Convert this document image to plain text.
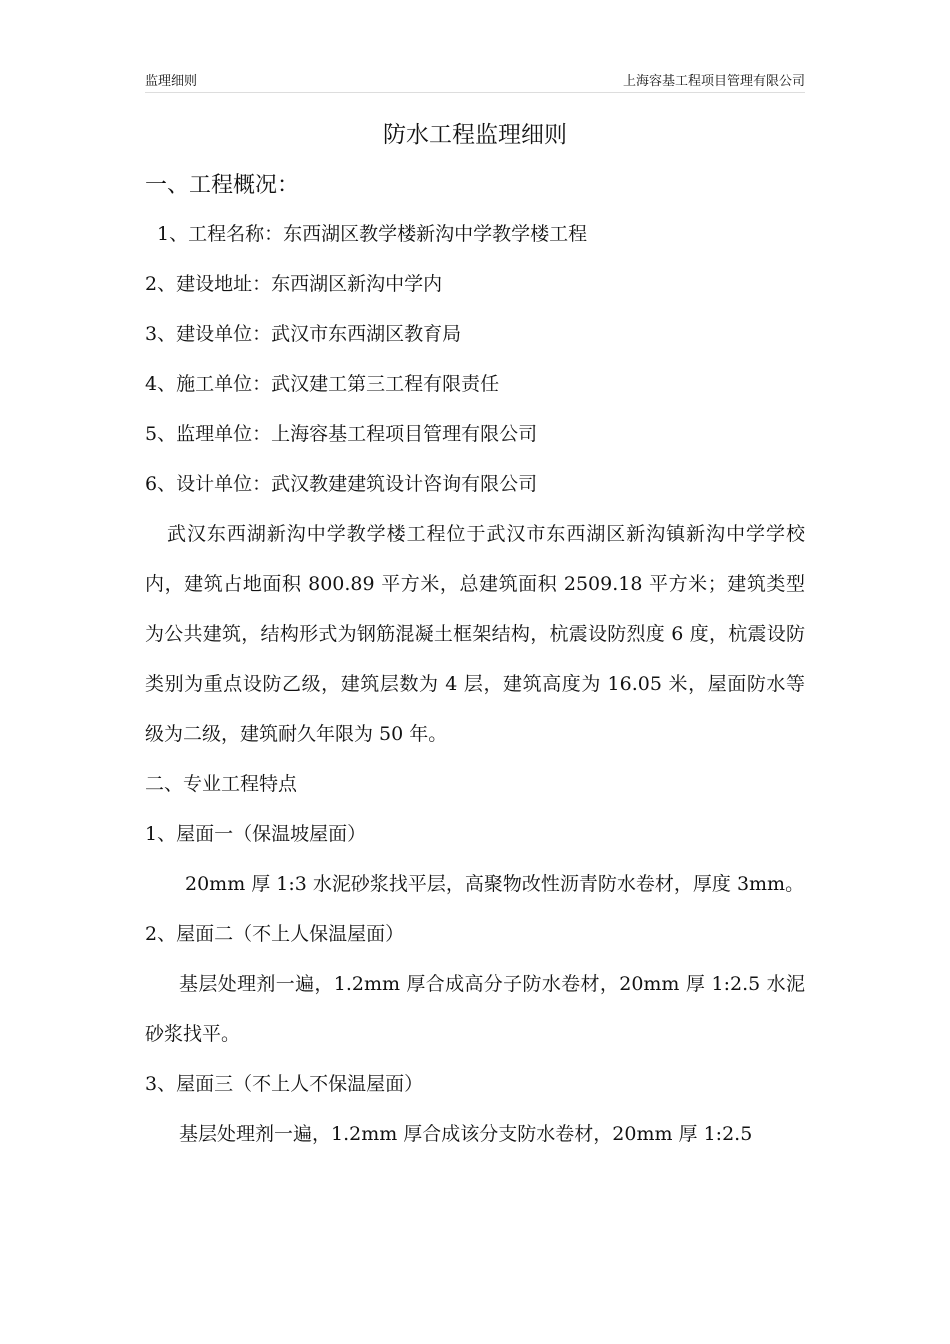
监理细则	上海容基工程项目管理有限公司
防水工程监理细则
一、工程概况：

1、工程名称：东西湖区教学楼新沟中学教学楼工程

2、建设地址：东西湖区新沟中学内

3、建设单位：武汉市东西湖区教育局

4、施工单位：武汉建工第三工程有限责任

5、监理单位：上海容基工程项目管理有限公司

6、设计单位：武汉教建建筑设计咨询有限公司

武汉东西湖新沟中学教学楼工程位于武汉市东西湖区新沟镇新沟中学学校内，建筑占地面积 800.89 平方米，总建筑面积 2509.18 平方米；建筑类型为公共建筑，结构形式为钢筋混凝土框架结构，杭震设防烈度 6 度，杭震设防类别为重点设防乙级，建筑层数为 4 层，建筑高度为 16.05 米，屋面防水等级为二级，建筑耐久年限为 50 年。

二、专业工程特点

1、屋面一（保温坡屋面）

20mm 厚 1:3 水泥砂浆找平层，高聚物改性沥青防水卷材，厚度 3mm。

2、屋面二（不上人保温屋面）

基层处理剂一遍，1.2mm 厚合成高分子防水卷材，20mm 厚 1:2.5 水泥砂浆找平。

3、屋面三（不上人不保温屋面）

基层处理剂一遍，1.2mm 厚合成该分支防水卷材，20mm 厚 1:2.5
